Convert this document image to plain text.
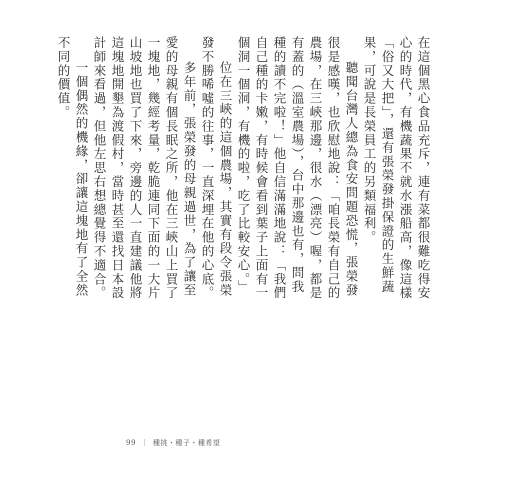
在這個黑心食品充斥，連有菜都很難吃得安心的時代，有機蔬果不就水漲船高，像這樣「俗又大把」，還有張榮發掛保證的生鮮蔬果，可說是長榮員工的另類福利。

聽聞台灣人總為食安問題恐慌，張榮發很是感嘆，也欣慰地說：「咱長榮有自己的農場，在三峽那邊，很水（漂亮）喔，都是有蓋的（溫室農場），台中那邊也有，問我種的讀不完啦！」他自信滿滿地說：「我們自己種的卡嫩，有時候會看到葉子上面有一個洞一個洞，有機的啦，吃了比較安心。」

位在三峽的這個農場，其實有段令張榮發不勝唏噓的往事，一直深埋在他的心底。

多年前，張榮發的母親過世，為了讓至愛的母親有個長眠之所，他在三峽山上買了一塊地，幾經考量，乾脆連同下面的一大片山坡地也買了下來，旁邊的人一直建議他將這塊地開墾為渡假村，當時甚至還找日本設計師來看過，但他左思右想總覺得不適合。

一個偶然的機緣，卻讓這塊地有了全然不同的價值。

99 ｜ 種挑・種子・種希望
